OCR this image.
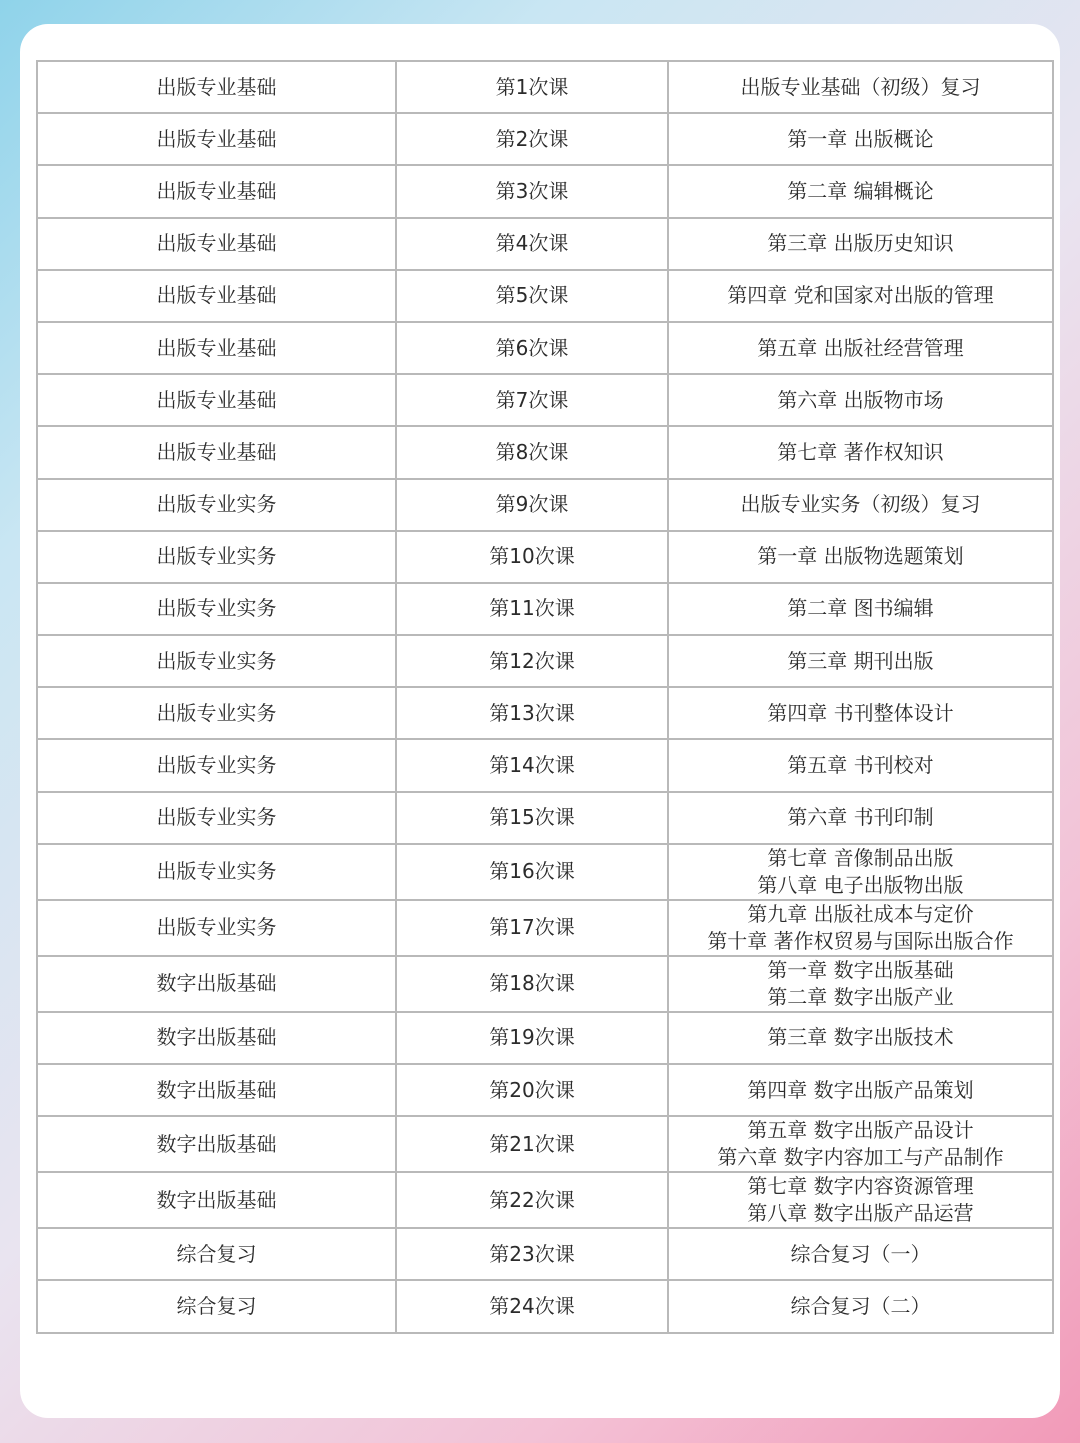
出版专业基础	第1次课	出版专业基础（初级）复习

出版专业基础	第2次课	第一章 出版概论

出版专业基础	第3次课	第二章 编辑概论

出版专业基础	第4次课	第三章 出版历史知识

出版专业基础	第5次课	第四章 党和国家对出版的管理

出版专业基础	第6次课	第五章 出版社经营管理

出版专业基础	第7次课	第六章 出版物市场

出版专业基础	第8次课	第七章 著作权知识

出版专业实务	第9次课	出版专业实务（初级）复习

出版专业实务	第10次课	第一章 出版物选题策划

出版专业实务	第11次课	第二章 图书编辑

出版专业实务	第12次课	第三章 期刊出版

出版专业实务	第13次课	第四章 书刊整体设计

出版专业实务	第14次课	第五章 书刊校对

出版专业实务	第15次课	第六章 书刊印制

出版专业实务	第16次课	第七章 音像制品出版
第八章 电子出版物出版

出版专业实务	第17次课	第九章 出版社成本与定价
第十章 著作权贸易与国际出版合作

数字出版基础	第18次课	第一章 数字出版基础
第二章 数字出版产业

数字出版基础	第19次课	第三章 数字出版技术

数字出版基础	第20次课	第四章 数字出版产品策划

数字出版基础	第21次课	第五章 数字出版产品设计
第六章 数字内容加工与产品制作

数字出版基础	第22次课	第七章 数字内容资源管理
第八章 数字出版产品运营

综合复习	第23次课	综合复习（一）

综合复习	第24次课	综合复习（二）
